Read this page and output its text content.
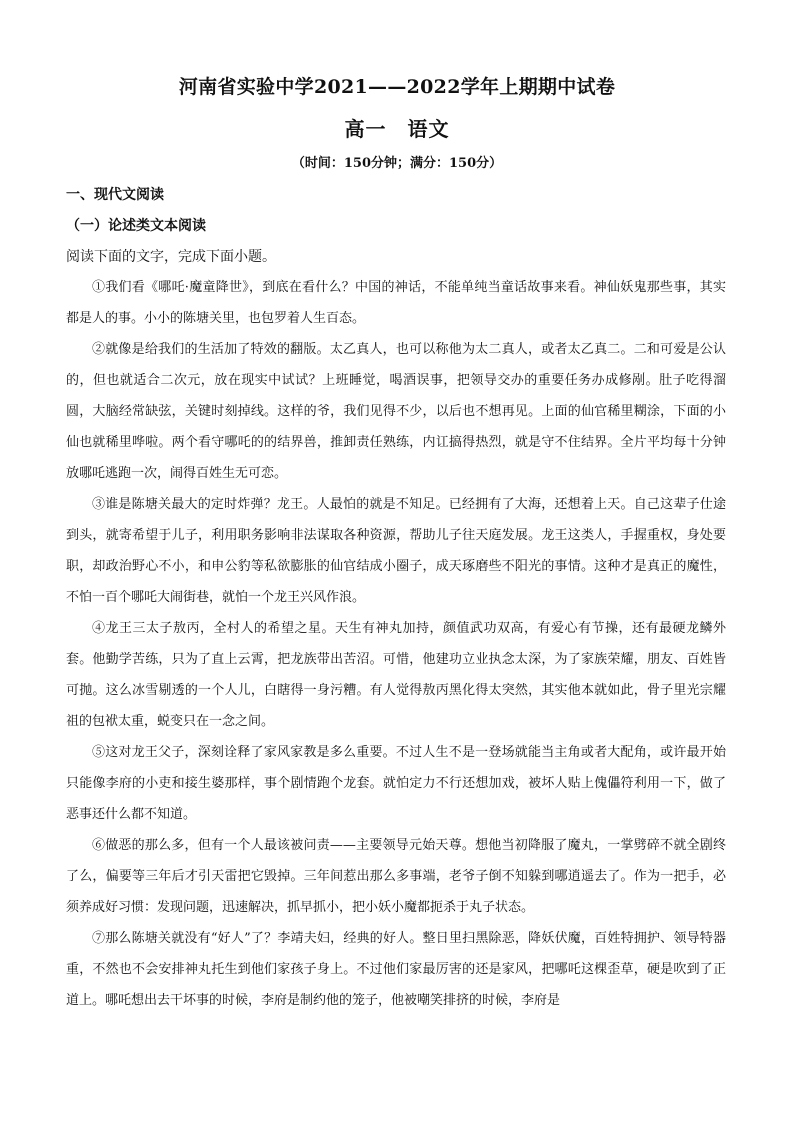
河南省实验中学2021——2022学年上期期中试卷
高一　语文
（时间：150分钟；满分：150分）
一、现代文阅读
（一）论述类文本阅读
阅读下面的文字，完成下面小题。

①我们看《哪吒·魔童降世》，到底在看什么？中国的神话，不能单纯当童话故事来看。神仙妖鬼那些事，其实都是人的事。小小的陈塘关里，也包罗着人生百态。

②就像是给我们的生活加了特效的翻版。太乙真人，也可以称他为太二真人，或者太乙真二。二和可爱是公认的，但也就适合二次元，放在现实中试试？上班睡觉，喝酒误事，把领导交办的重要任务办成修剐。肚子吃得溜圆，大脑经常缺弦，关键时刻掉线。这样的爷，我们见得不少，以后也不想再见。上面的仙官稀里糊涂，下面的小仙也就稀里哗啦。两个看守哪吒的的结界兽，推卸责任熟练，内讧搞得热烈，就是守不住结界。全片平均每十分钟放哪吒逃跑一次，闹得百姓生无可恋。

③谁是陈塘关最大的定时炸弹？龙王。人最怕的就是不知足。已经拥有了大海，还想着上天。自己这辈子仕途到头，就寄希望于儿子，利用职务影响非法谋取各种资源，帮助儿子往天庭发展。龙王这类人，手握重权，身处要职，却政治野心不小，和申公豹等私欲膨胀的仙官结成小圈子，成天琢磨些不阳光的事情。这种才是真正的魔性，不怕一百个哪吒大闹街巷，就怕一个龙王兴风作浪。

④龙王三太子敖丙，全村人的希望之星。天生有神丸加持，颜值武功双高，有爱心有节操，还有最硬龙鳞外套。他勤学苦练，只为了直上云霄，把龙族带出苦沼。可惜，他建功立业执念太深，为了家族荣耀，朋友、百姓皆可抛。这么冰雪剔透的一个人儿，白瞎得一身污糟。有人觉得敖丙黑化得太突然，其实他本就如此，骨子里光宗耀祖的包袱太重，蜕变只在一念之间。

⑤这对龙王父子，深刻诠释了家风家教是多么重要。不过人生不是一登场就能当主角或者大配角，或许最开始只能像李府的小吏和接生婆那样，事个剧情跑个龙套。就怕定力不行还想加戏，被坏人贴上傀儡符利用一下，做了恶事还什么都不知道。

⑥做恶的那么多，但有一个人最该被问责——主要领导元始天尊。想他当初降服了魔丸，一掌劈碎不就全剧终了么，偏要等三年后才引天雷把它毁掉。三年间惹出那么多事端，老爷子倒不知躲到哪逍遥去了。作为一把手，必须养成好习惯：发现问题，迅速解决，抓早抓小，把小妖小魔都扼杀于丸子状态。

⑦那么陈塘关就没有“好人”了？李靖夫妇，经典的好人。整日里扫黑除恶，降妖伏魔，百姓特拥护、领导特器重，不然也不会安排神丸托生到他们家孩子身上。不过他们家最厉害的还是家风，把哪吒这棵歪草，硬是吹到了正道上。哪吒想出去干坏事的时候，李府是制约他的笼子，他被嘲笑排挤的时候，李府是
